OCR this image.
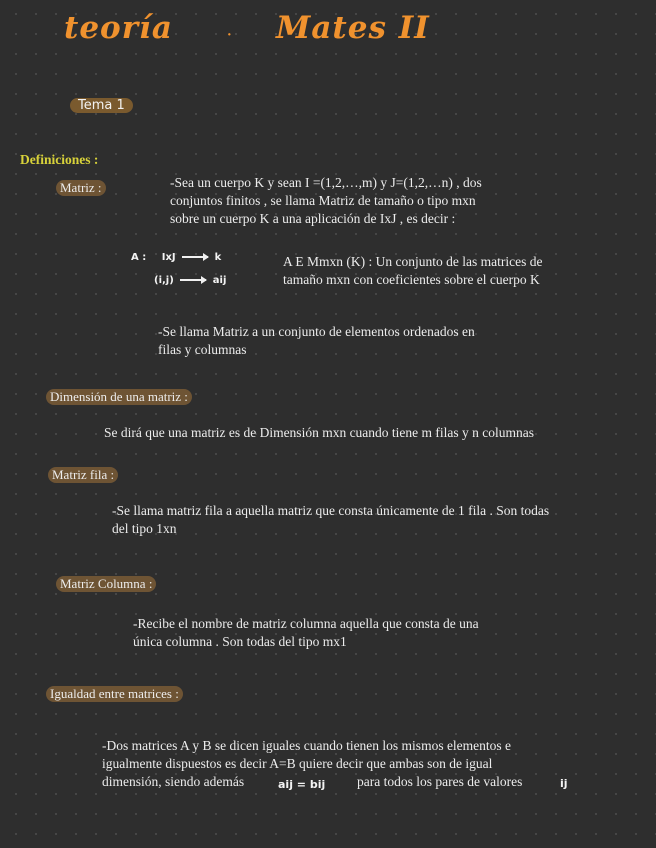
teoría	· Mates II
Tema 1
Definiciones :
Matriz :	-Sea un cuerpo K y sean I =(1,2,…,m) y J=(1,2,…n) , dos
conjuntos finitos , se llama Matriz de tamaño o tipo mxn
sobre un cuerpo K a una aplicación de IxJ , es decir :
A : IxJ	k
(i,j)	aij
A E Mmxn (K) : Un conjunto de las matrices de
tamaño mxn con coeficientes sobre el cuerpo K
-Se llama Matriz a un conjunto de elementos ordenados en
filas y columnas
Dimensión de una matriz :
Se dirá que una matriz es de Dimensión mxn cuando tiene m filas y n columnas
Matriz fila :
-Se llama matriz fila a aquella matriz que consta únicamente de 1 fila . Son todas
del tipo 1xn
Matriz Columna :
-Recibe el nombre de matriz columna aquella que consta de una
única columna . Son todas del tipo mx1
Igualdad entre matrices :
-Dos matrices A y B se dicen iguales cuando tienen los mismos elementos e
igualmente dispuestos es decir A=B quiere decir que ambas son de igual
dimensión, siendo además	aij = bij para todos los pares de valores	ij
